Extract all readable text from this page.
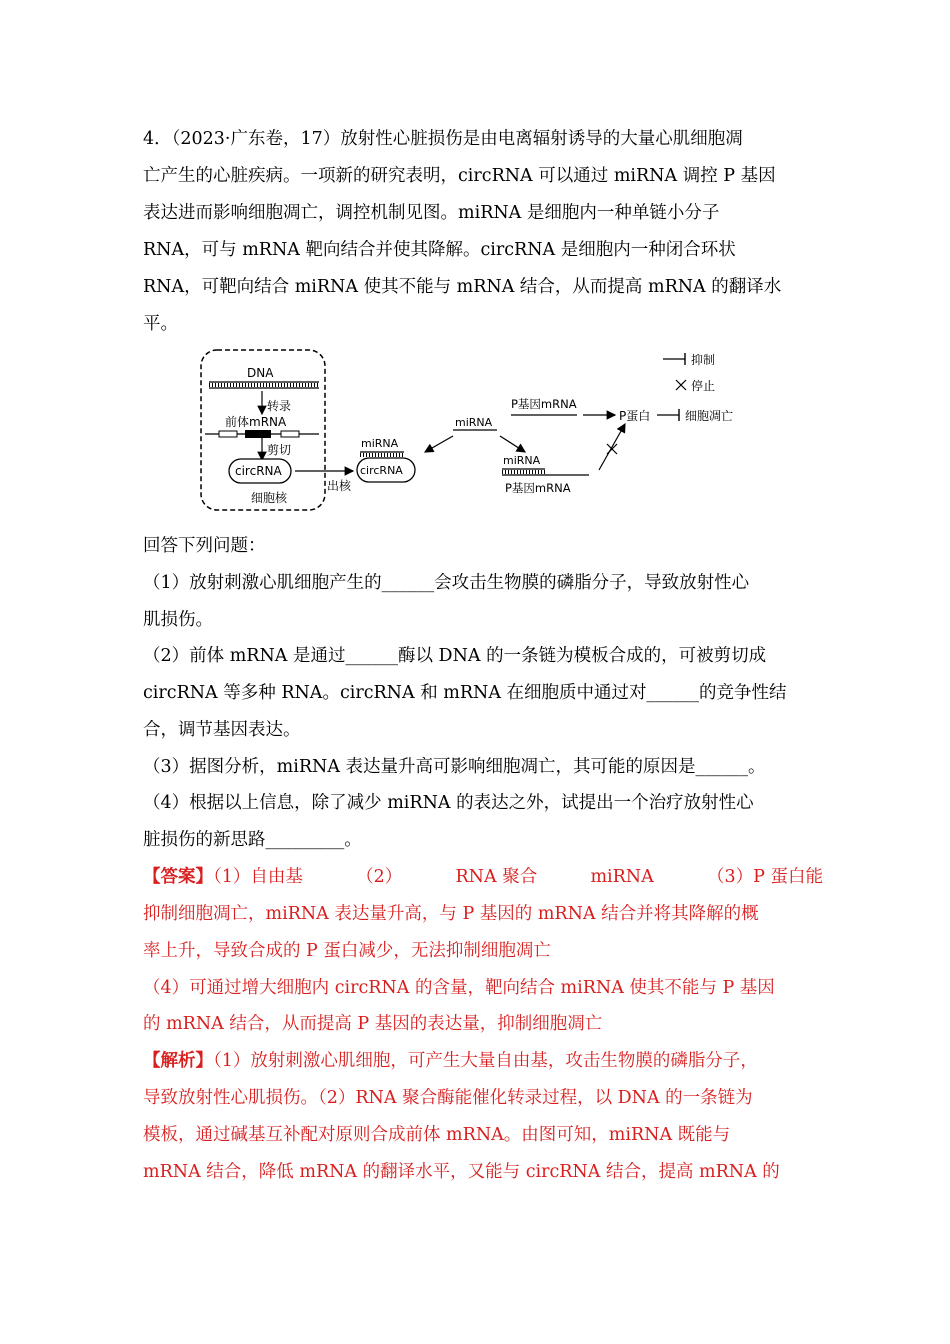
4．（2023·广东卷，17）放射性心脏损伤是由电离辐射诱导的大量心肌细胞凋
亡产生的心脏疾病。一项新的研究表明，circRNA 可以通过 miRNA 调控 P 基因
表达进而影响细胞凋亡，调控机制见图。miRNA 是细胞内一种单链小分子
RNA，可与 mRNA 靶向结合并使其降解。circRNA 是细胞内一种闭合环状
RNA，可靶向结合 miRNA 使其不能与 mRNA 结合，从而提高 mRNA 的翻译水
平。
DNA
转录
前体mRNA
剪切
circRNA
细胞核
出核
miRNA
circRNA
miRNA
P基因mRNA
P蛋白	细胞凋亡
miRNA
P基因mRNA
抑制
停止
回答下列问题：
（1）放射刺激心肌细胞产生的______会攻击生物膜的磷脂分子，导致放射性心
肌损伤。
（2）前体 mRNA 是通过______酶以 DNA 的一条链为模板合成的，可被剪切成
circRNA 等多种 RNA。circRNA 和 mRNA 在细胞质中通过对______的竞争性结
合，调节基因表达。
（3）据图分析，miRNA 表达量升高可影响细胞凋亡，其可能的原因是______。
（4）根据以上信息，除了减少 miRNA 的表达之外，试提出一个治疗放射性心
脏损伤的新思路_________。
【答案】（1）自由基	（2）	RNA 聚合	miRNA	（3）P 蛋白能
抑制细胞凋亡，miRNA 表达量升高，与 P 基因的 mRNA 结合并将其降解的概
率上升，导致合成的 P 蛋白减少，无法抑制细胞凋亡
（4）可通过增大细胞内 circRNA 的含量，靶向结合 miRNA 使其不能与 P 基因
的 mRNA 结合，从而提高 P 基因的表达量，抑制细胞凋亡
【解析】（1）放射刺激心肌细胞，可产生大量自由基，攻击生物膜的磷脂分子，
导致放射性心肌损伤。（2）RNA 聚合酶能催化转录过程，以 DNA 的一条链为
模板，通过碱基互补配对原则合成前体 mRNA。由图可知，miRNA 既能与
mRNA 结合，降低 mRNA 的翻译水平，又能与 circRNA 结合，提高 mRNA 的
